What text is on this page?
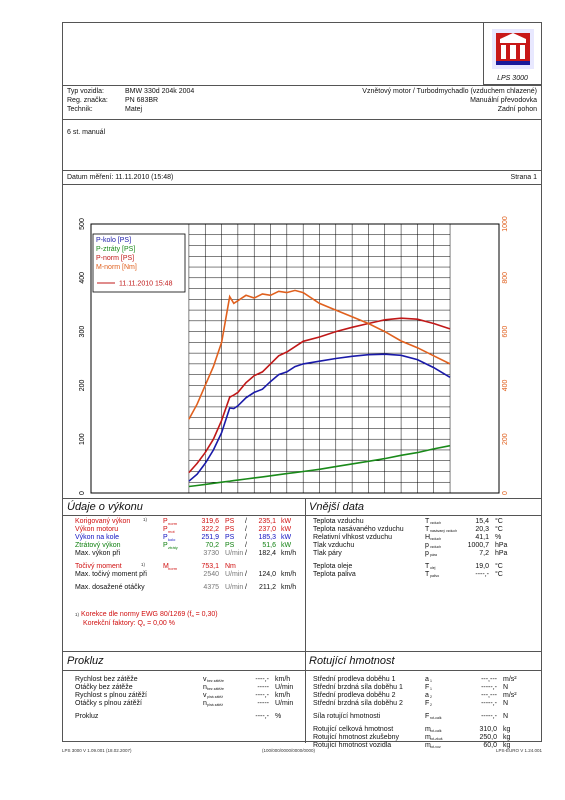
LPS 3000
Typ vozidla:	BMW 330d 204k 2004
Reg. značka: PN 683BR
Technik:	Matej
Vznětový motor / Turbodmychadlo (vzduchem chlazené)
Manuální převodovka
Zadní pohon
6 st. manuál
Datum měření: 11.11.2010 (15:48)	Strana 1
0
100
200
300
400
500
0
200
400
600
800
1000
P-kolo [PS]
P-ztráty [PS]
P-norm [PS]
M-norm [Nm]
11.11.2010 15:48
Údaje o výkonu	Vnější data
Korigovaný výkon	1) P norm	319,6 PS	235,1 kW
Výkon motoru	P mot	322,2 PS	237,0 kW
Výkon na kole	P kolo	251,9 PS	185,3 kW
Ztrátový výkon	P ztráty	70,2 PS	51,6 kW
Max. výkon při	3730 U/min	182,4 km/h
Točivý moment	1)	M norm	753,1 Nm
Max. točivý moment při	2540 U/min	124,0 km/h
Max. dosažené otáčky	4375 U/min	211,2 km/h
/
/
/
/
/
/
/
Teplota vzduchu	T vzduch	15,4 °C
Teplota nasávaného vzduchu	T nasávaný vzduch	20,3 °C
Relativní vlhkost vzduchu	H vzduch	41,1 %
Tlak vzduchu	p vzduch	1000,7 hPa
Tlak páry	p pára	7,2 hPa
Teplota oleje	T olej	19,0 °C
Teplota paliva	T palivo	----,- °C
1) Korekce dle normy EWG 80/1269 $(f_a = 0,30)$
Korekční faktory: $Q_o = 0,00$ %
Prokluz	Rotující hmotnost
Rychlost bez zátěže	v bez zátěže	----,- km/h
Otáčky bez zátěže	n bez zátěže	----- U/min
Rychlost s plnou zátěží	v plná zátěž	----,- km/h
Otáčky s plnou zátěží	n plná zátěž	----- U/min
Prokluz	----,- %
Střední prodleva doběhu 1	a 1	---,--- m/s²
Střední brzdná síla doběhu 1	F 1	-----,- N
Střední prodleva doběhu 2	a 2	---,--- m/s²
Střední brzdná síla doběhu 2	F 2	-----,- N
Síla rotující hmotnosti	F rot-calk	-----,- N
Rotující celková hmotnost	m rot-calk	310,0 kg
Rotující hmotnost zkušebny	m rot-zkuš	250,0 kg
Rotující hmotnost vozidla	m rot-voz	60,0 kg
LPS 3000 V 1.09.001 (18.02.2007)	(100/000/0000/0000/0000)	LPS-EURO V 1.24.001
